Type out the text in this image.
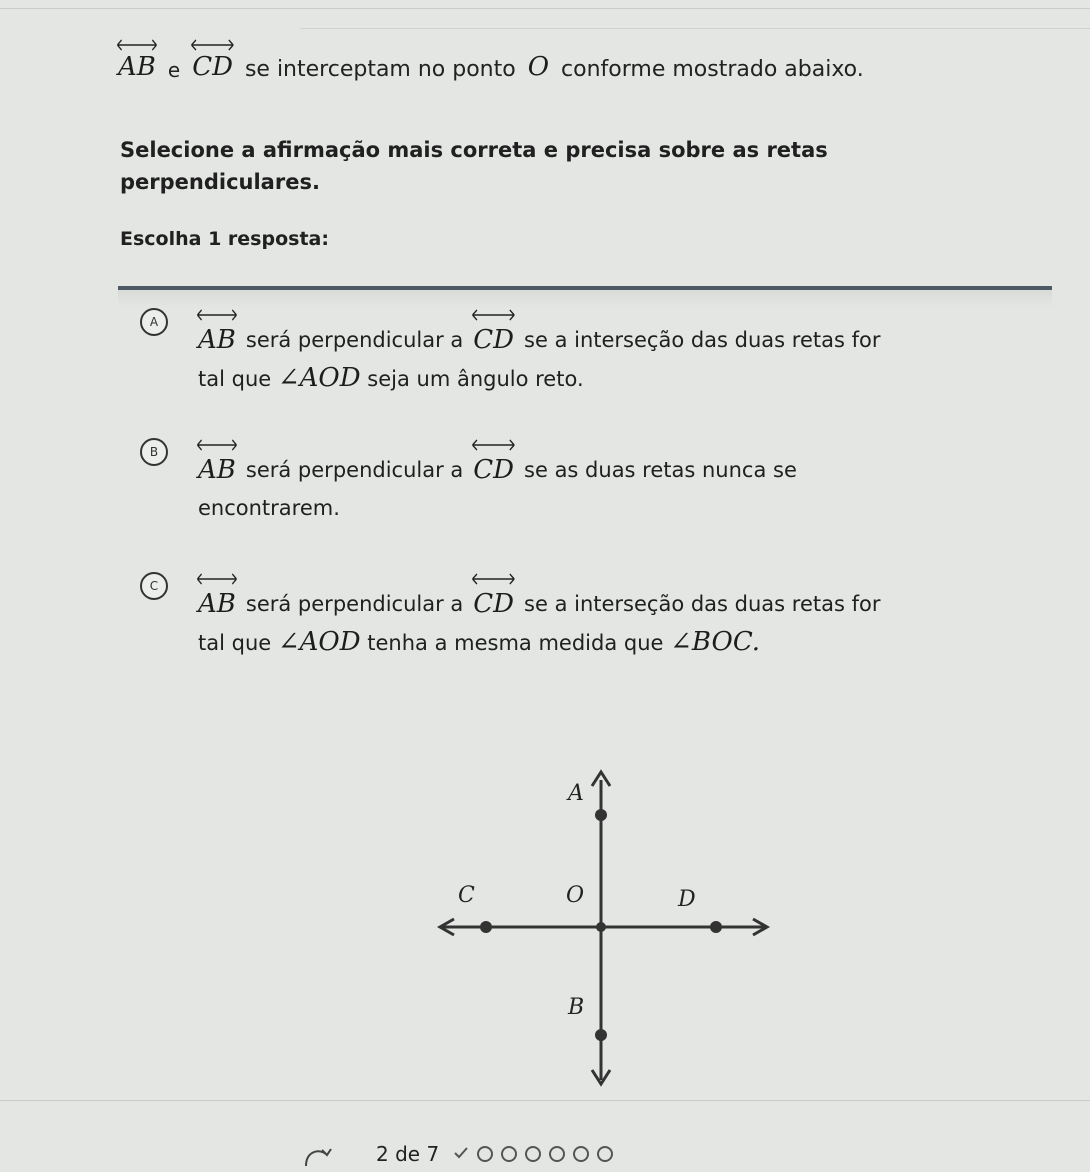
AB e CD se interceptam no ponto O conforme mostrado abaixo.
Selecione a afirmação mais correta e precisa sobre as retas perpendiculares.
Escolha 1 resposta:
A
AB será perpendicular a CD se a interseção das duas retas for
tal que ∠AOD seja um ângulo reto.
B
AB será perpendicular a CD se as duas retas nunca se
encontrarem.
C
AB será perpendicular a CD se a interseção das duas retas for
tal que ∠AOD tenha a mesma medida que ∠BOC.
A
C	O	D
B
2 de 7
